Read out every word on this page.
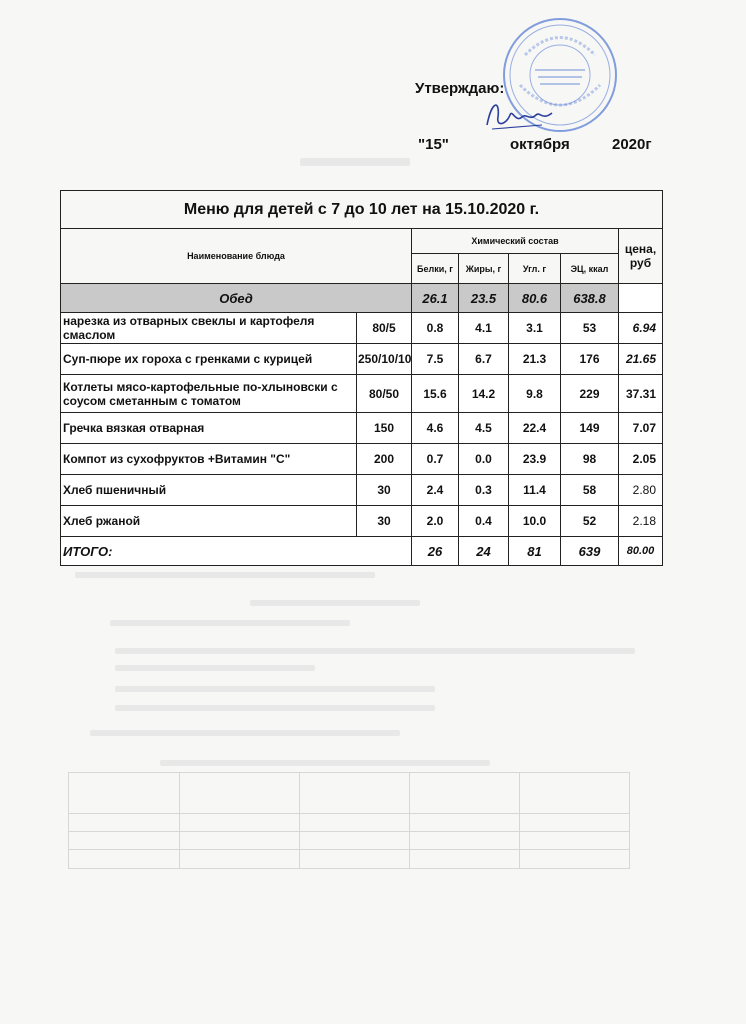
Утверждаю:
"15"	октября	2020г
Меню для детей с 7 до 10 лет на 15.10.2020 г.						
Наименование блюда		Химический состав				цена, руб
		Белки, г	Жиры, г	Угл. г	ЭЦ, ккал	
Обед		26.1	23.5	80.6	638.8	
нарезка из отварных свеклы и картофеля смаслом	80/5	0.8	4.1	3.1	53	6.94
Суп-пюре их гороха с гренками с курицей	250/10/10	7.5	6.7	21.3	176	21.65
Котлеты мясо-картофельные по-хлыновски с соусом сметанным с томатом	80/50	15.6	14.2	9.8	229	37.31
Гречка вязкая отварная	150	4.6	4.5	22.4	149	7.07
Компот из сухофруктов +Витамин "С"	200	0.7	0.0	23.9	98	2.05
Хлеб пшеничный	30	2.4	0.3	11.4	58	2.80
Хлеб ржаной	30	2.0	0.4	10.0	52	2.18
ИТОГО:		26	24	81	639	80.00
